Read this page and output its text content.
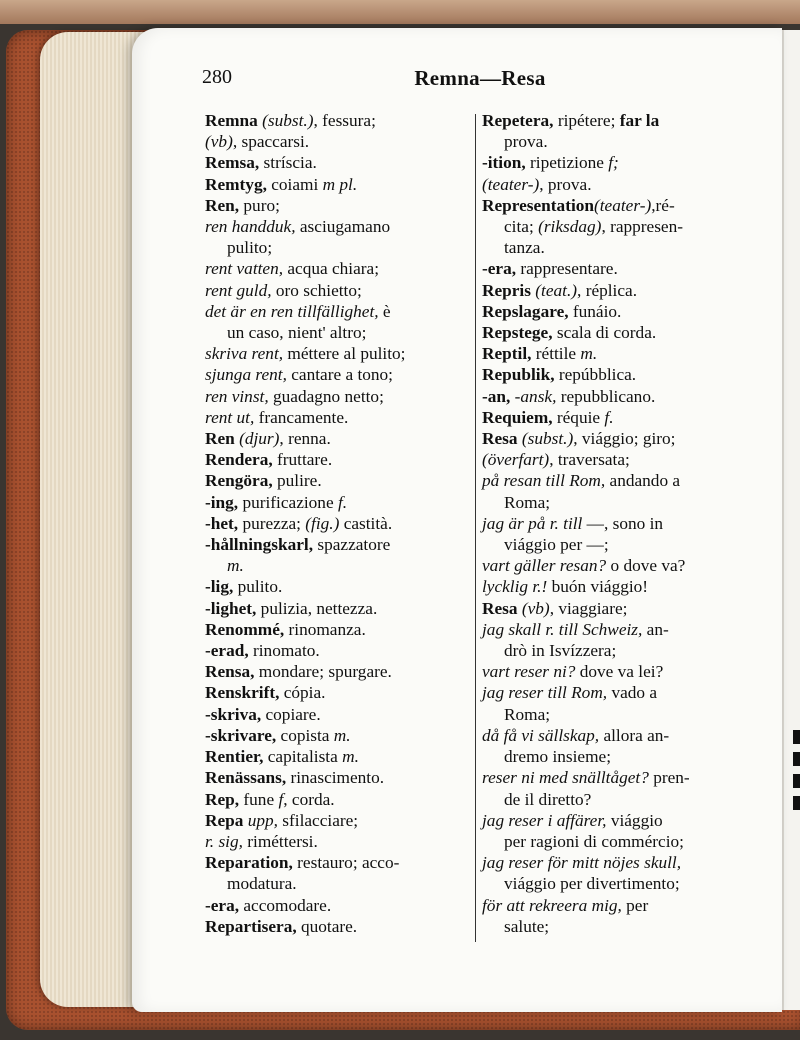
280	Remna—Resa
Remna (subst.), fessura;
(vb), spaccarsi.
Remsa, stríscia.
Remtyg, coiami m pl.
Ren, puro;
ren handduk, asciugamano
pulito;
rent vatten, acqua chiara;
rent guld, oro schietto;
det är en ren tillfällighet, è
un caso, nient' altro;
skriva rent, méttere al pulito;
sjunga rent, cantare a tono;
ren vinst, guadagno netto;
rent ut, francamente.
Ren (djur), renna.
Rendera, fruttare.
Rengöra, pulire.
-ing, purificazione f.
-het, purezza; (fig.) castità.
-hållningskarl, spazzatore
m.
-lig, pulito.
-lighet, pulizia, nettezza.
Renommé, rinomanza.
-erad, rinomato.
Rensa, mondare; spurgare.
Renskrift, cópia.
-skriva, copiare.
-skrivare, copista m.
Rentier, capitalista m.
Renässans, rinascimento.
Rep, fune f, corda.
Repa upp, sfilacciare;
r. sig, riméttersi.
Reparation, restauro; acco-
modatura.
-era, accomodare.
Repartisera, quotare.
Repetera, ripétere; far la
prova.
-ition, ripetizione f;
(teater-), prova.
Representation(teater-),ré-
cita; (riksdag), rappresen-
tanza.
-era, rappresentare.
Repris (teat.), réplica.
Repslagare, funáio.
Repstege, scala di corda.
Reptil, réttile m.
Republik, repúbblica.
-an, -ansk, repubblicano.
Requiem, réquie f.
Resa (subst.), viággio; giro;
(överfart), traversata;
på resan till Rom, andando a
Roma;
jag är på r. till —, sono in
viággio per —;
vart gäller resan? o dove va?
lycklig r.! buón viággio!
Resa (vb), viaggiare;
jag skall r. till Schweiz, an-
drò in Isvízzera;
vart reser ni? dove va lei?
jag reser till Rom, vado a
Roma;
då få vi sällskap, allora an-
dremo insieme;
reser ni med snälltåget? pren-
de il diretto?
jag reser i affärer, viággio
per ragioni di commércio;
jag reser för mitt nöjes skull,
viággio per divertimento;
för att rekreera mig, per
salute;
